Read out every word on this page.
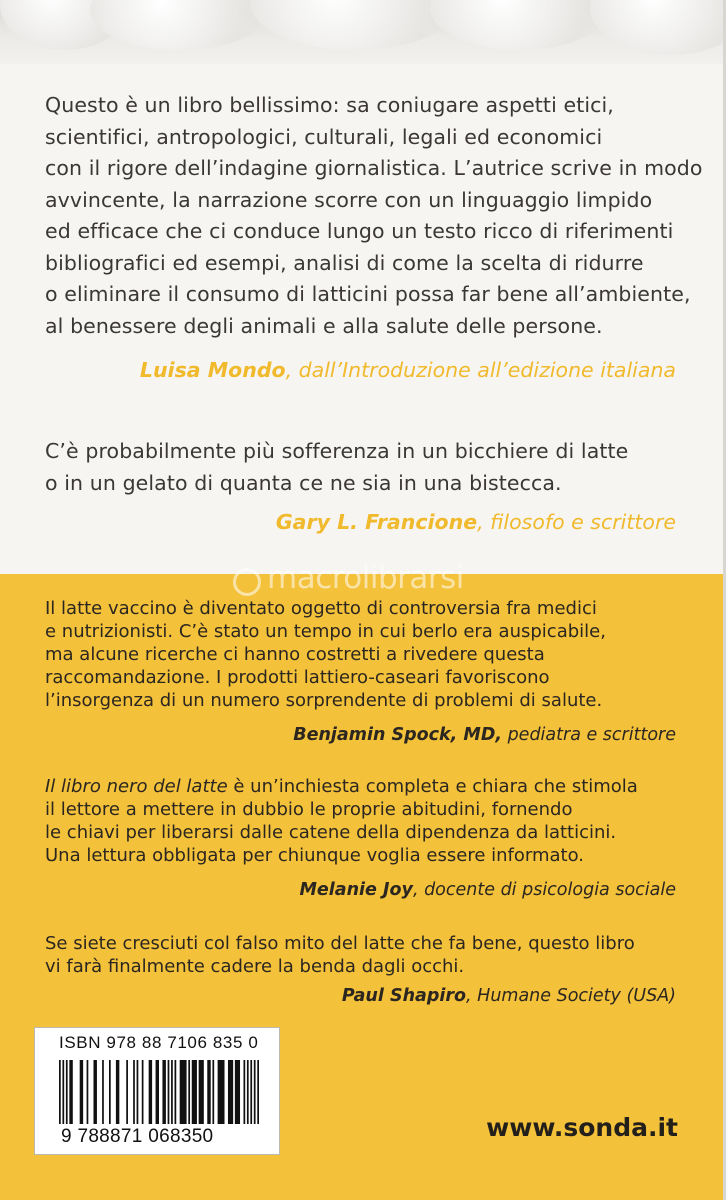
Questo è un libro bellissimo: sa coniugare aspetti etici,
scientifici, antropologici, culturali, legali ed economici
con il rigore dell’indagine giornalistica. L’autrice scrive in modo
avvincente, la narrazione scorre con un linguaggio limpido
ed efficace che ci conduce lungo un testo ricco di riferimenti
bibliografici ed esempi, analisi di come la scelta di ridurre
o eliminare il consumo di latticini possa far bene all’ambiente,
al benessere degli animali e alla salute delle persone.

Luisa Mondo, dall’Introduzione all’edizione italiana

C’è probabilmente più sofferenza in un bicchiere di latte
o in un gelato di quanta ce ne sia in una bistecca.

Gary L. Francione, filosofo e scrittore

macrolibrarsi

Il latte vaccino è diventato oggetto di controversia fra medici
e nutrizionisti. C’è stato un tempo in cui berlo era auspicabile,
ma alcune ricerche ci hanno costretti a rivedere questa
raccomandazione. I prodotti lattiero-caseari favoriscono
l’insorgenza di un numero sorprendente di problemi di salute.

Benjamin Spock, MD, pediatra e scrittore

Il libro nero del latte è un’inchiesta completa e chiara che stimola
il lettore a mettere in dubbio le proprie abitudini, fornendo
le chiavi per liberarsi dalle catene della dipendenza da latticini.
Una lettura obbligata per chiunque voglia essere informato.

Melanie Joy, docente di psicologia sociale

Se siete cresciuti col falso mito del latte che fa bene, questo libro
vi farà finalmente cadere la benda dagli occhi.

Paul Shapiro, Humane Society (USA)

ISBN 978 88 7106 835 0
9 788871 068350	www.sonda.it
